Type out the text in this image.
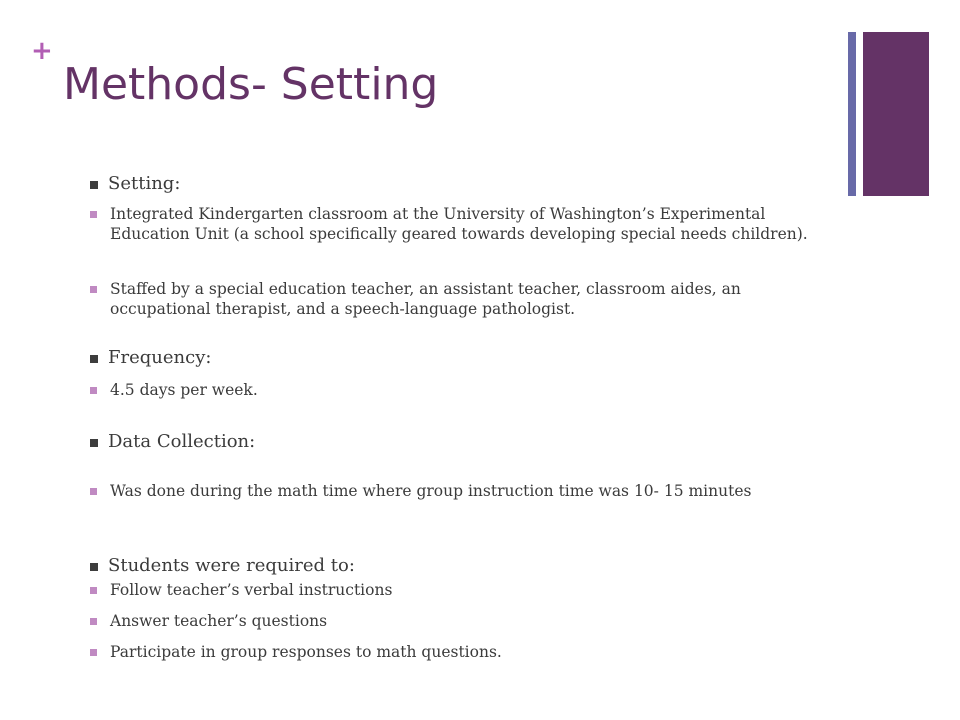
+
Methods- Setting
Setting:
Integrated Kindergarten classroom at the University of Washington’s Experimental Education Unit (a school specifically geared towards developing special needs children).
Staffed by a special education teacher, an assistant teacher, classroom aides, an occupational therapist, and a speech-language pathologist.
Frequency:
4.5 days per week.
Data Collection:
Was done during the math time where group instruction time was 10- 15 minutes
Students were required to:
Follow teacher’s verbal instructions
Answer teacher’s questions
Participate in group responses to math questions.
